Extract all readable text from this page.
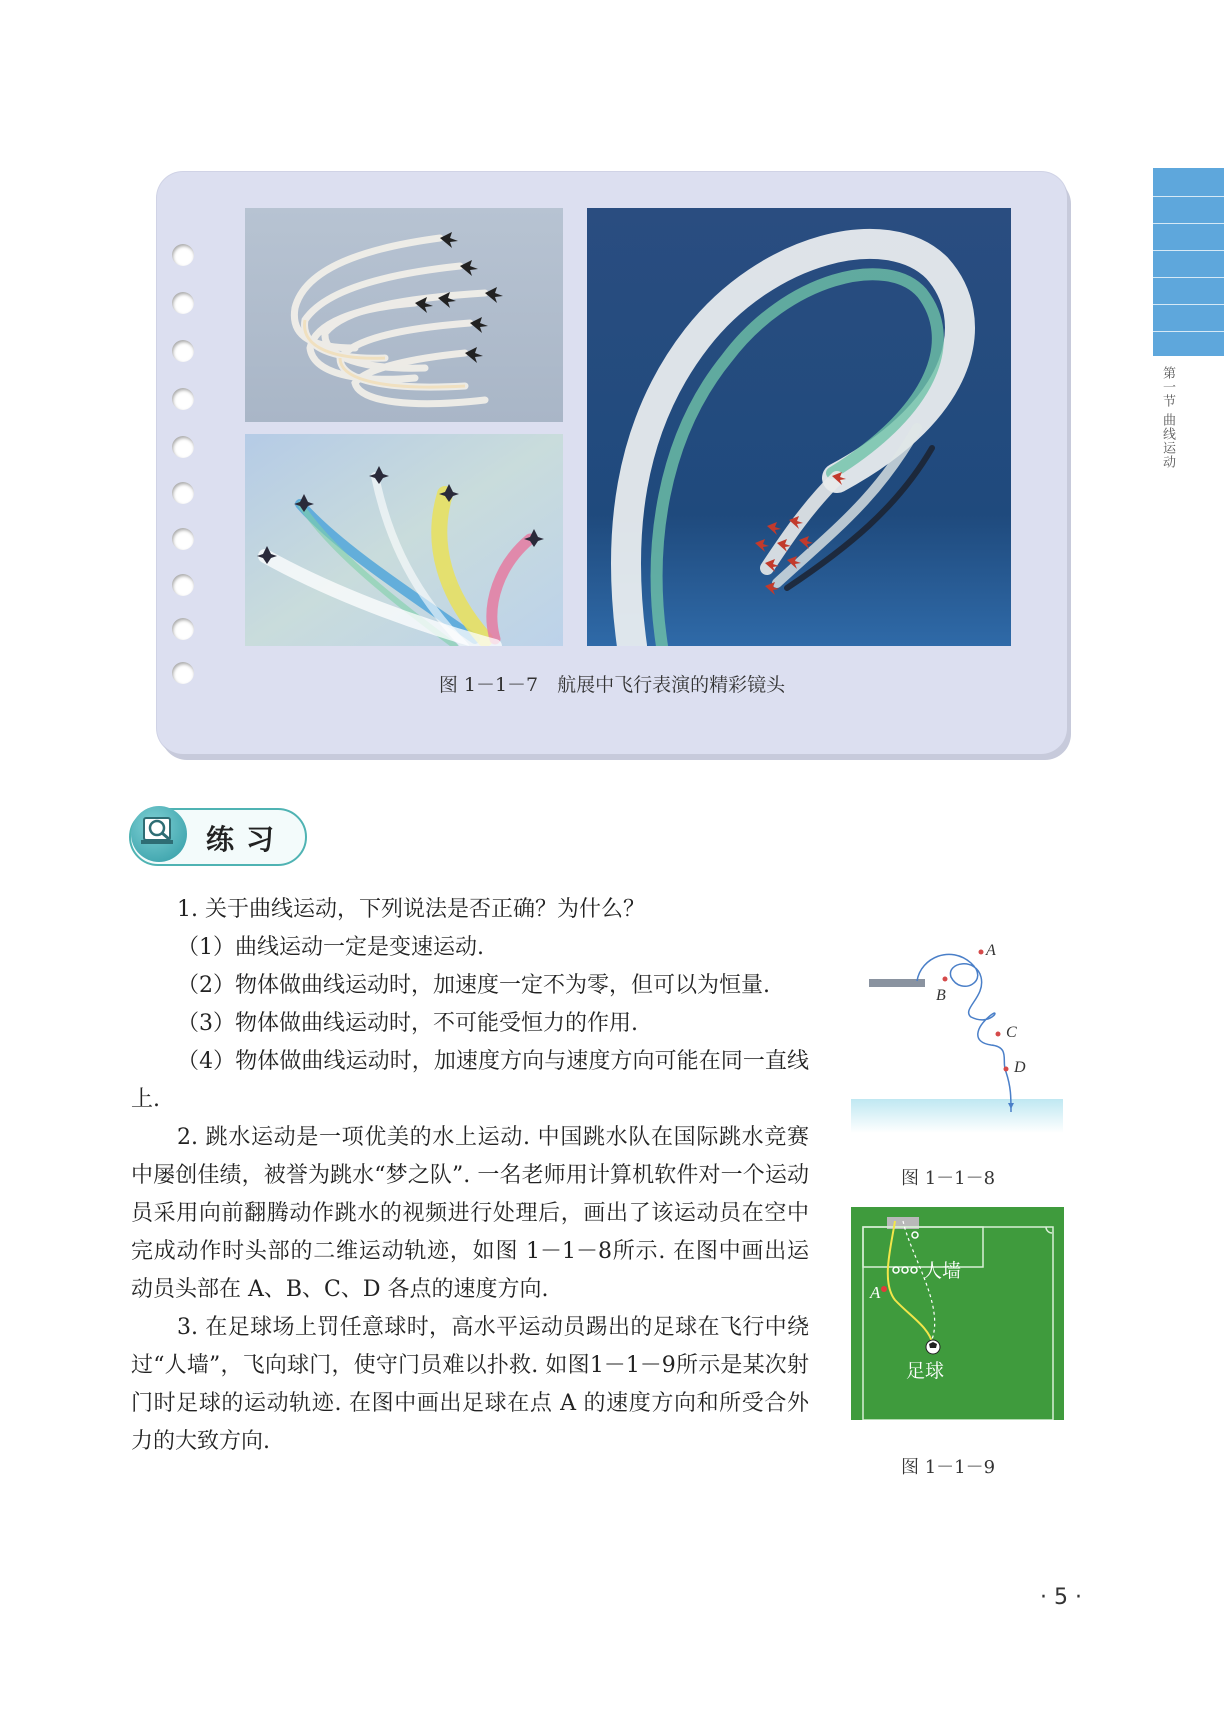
第一节 曲线运动
图 1－1－7　航展中飞行表演的精彩镜头
练习

1. 关于曲线运动，下列说法是否正确？为什么？

（1）曲线运动一定是变速运动.

（2）物体做曲线运动时，加速度一定不为零，但可以为恒量.

（3）物体做曲线运动时，不可能受恒力的作用.

（4）物体做曲线运动时，加速度方向与速度方向可能在同一直线上.

2. 跳水运动是一项优美的水上运动. 中国跳水队在国际跳水竞赛中屡创佳绩，被誉为跳水“梦之队”. 一名老师用计算机软件对一个运动员采用向前翻腾动作跳水的视频进行处理后，画出了该运动员在空中完成动作时头部的二维运动轨迹，如图 1－1－8所示. 在图中画出运动员头部在 A、B、C、D 各点的速度方向.

3. 在足球场上罚任意球时，高水平运动员踢出的足球在飞行中绕过“人墙”，飞向球门，使守门员难以扑救. 如图1－1－9所示是某次射门时足球的运动轨迹. 在图中画出足球在点 A 的速度方向和所受合外力的大致方向.

A
B
C
D
图 1－1－8
人墙
A
足球
图 1－1－9
· 5 ·
